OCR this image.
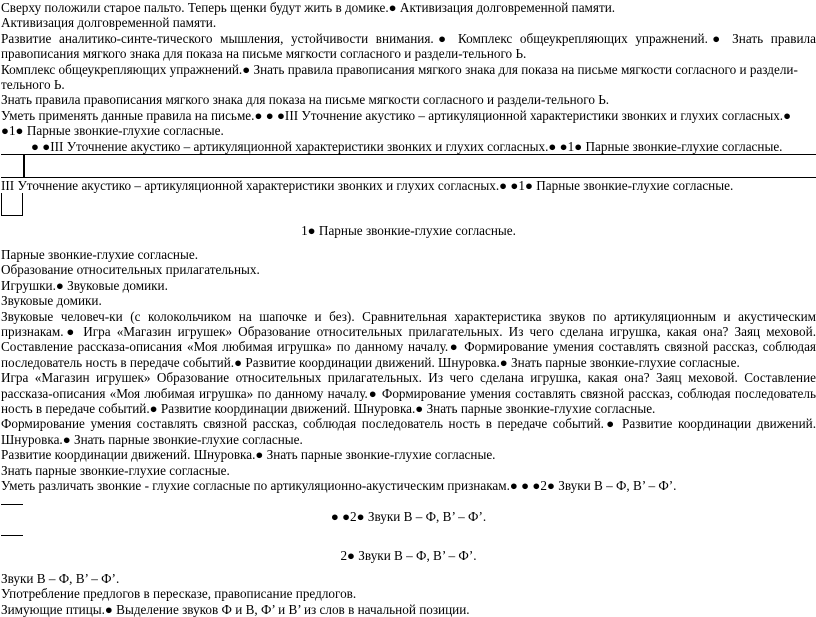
Сверху положили старое пальто. Теперь щенки будут жить в домике.● Активизация долговременной памяти.

Активизация долговременной памяти.

Развитие аналитико-синте-тического мышления, устойчивости внимания.● Комплекс общеукрепляющих упражнений.● Знать правила правописания мягкого знака для показа на письме мягкости согласного и раздели-тельного Ь.

Комплекс общеукрепляющих упражнений.● Знать правила правописания мягкого знака для показа на письме мягкости согласного и раздели-тельного Ь.

Знать правила правописания мягкого знака для показа на письме мягкости согласного и раздели-тельного Ь.

Уметь применять данные правила на письме.● ● ●III Уточнение акустико – артикуляционной характеристики звонких и глухих согласных.● ●1● Парные звонкие-глухие согласные.

● ●III Уточнение акустико – артикуляционной характеристики звонких и глухих согласных.● ●1● Парные звонкие-глухие согласные.

III Уточнение акустико – артикуляционной характеристики звонких и глухих согласных.● ●1● Парные звонкие-глухие согласные.

1● Парные звонкие-глухие согласные.

Парные звонкие-глухие согласные.

Образование относительных прилагательных.

Игрушки.● Звуковые домики.

Звуковые домики.

Звуковые человеч-ки (с колокольчиком на шапочке и без). Сравнительная характеристика звуков по артикуляционным и акустическим признакам.● Игра «Магазин игрушек» Образование относительных прилагательных. Из чего сделана игрушка, какая она? Заяц меховой. Составление рассказа-описания «Моя любимая игрушка» по данному началу.● Формирование умения составлять связной рассказ, соблюдая последователь ность в передаче событий.● Развитие координации движений. Шнуровка.● Знать парные звонкие-глухие согласные.

Игра «Магазин игрушек» Образование относительных прилагательных. Из чего сделана игрушка, какая она? Заяц меховой. Составление рассказа-описания «Моя любимая игрушка» по данному началу.● Формирование умения составлять связной рассказ, соблюдая последователь ность в передаче событий.● Развитие координации движений. Шнуровка.● Знать парные звонкие-глухие согласные.

Формирование умения составлять связной рассказ, соблюдая последователь ность в передаче событий.● Развитие координации движений. Шнуровка.● Знать парные звонкие-глухие согласные.

Развитие координации движений. Шнуровка.● Знать парные звонкие-глухие согласные.

Знать парные звонкие-глухие согласные.

Уметь различать звонкие - глухие согласные по артикуляционно-акустическим признакам.● ● ●2● Звуки В – Ф, В’ – Ф’.

● ●2● Звуки В – Ф, В’ – Ф’.

2● Звуки В – Ф, В’ – Ф’.

Звуки В – Ф, В’ – Ф’.

Употребление предлогов в пересказе, правописание предлогов.

Зимующие птицы.● Выделение звуков Ф и В, Ф’ и В’ из слов в начальной позиции.
